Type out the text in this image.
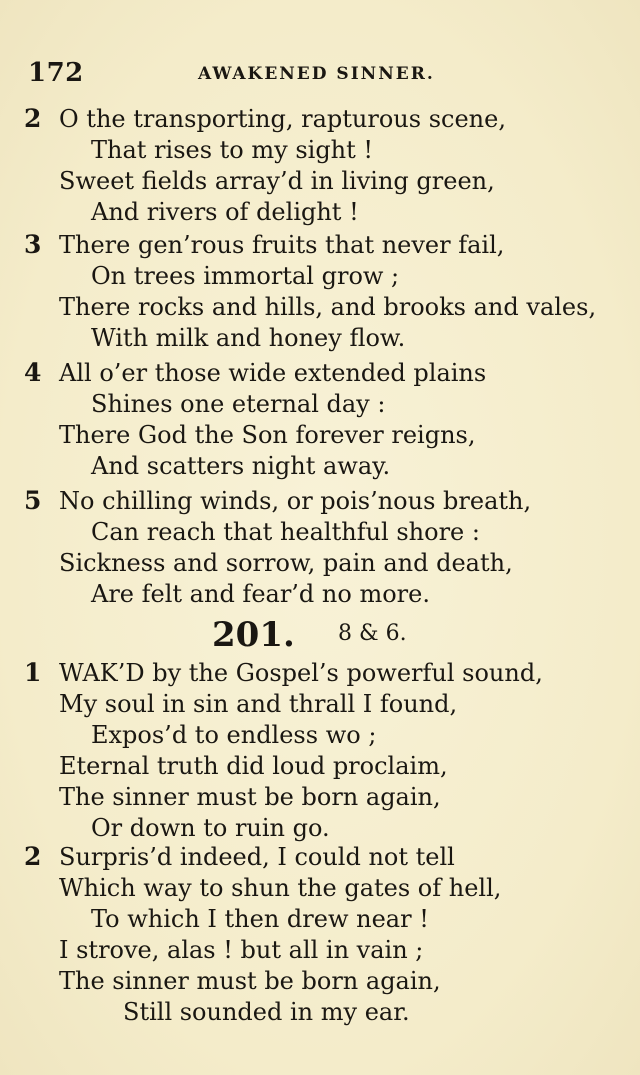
172	AWAKENED SINNER.
2 O the transporting, rapturous scene,
That rises to my sight !
Sweet fields array’d in living green,
And rivers of delight !
3 There gen’rous fruits that never fail,
On trees immortal grow ;
There rocks and hills, and brooks and vales,
With milk and honey flow.
4 All o’er those wide extended plains
Shines one eternal day :
There God the Son forever reigns,
And scatters night away.
5 No chilling winds, or pois’nous breath,
Can reach that healthful shore :
Sickness and sorrow, pain and death,
Are felt and fear’d no more.
201. 8 & 6.
1 WAK’D by the Gospel’s powerful sound,
My soul in sin and thrall I found,
Expos’d to endless wo ;
Eternal truth did loud proclaim,
The sinner must be born again,
Or down to ruin go.
2 Surpris’d indeed, I could not tell
Which way to shun the gates of hell,
To which I then drew near !
I strove, alas ! but all in vain ;
The sinner must be born again,
Still sounded in my ear.
